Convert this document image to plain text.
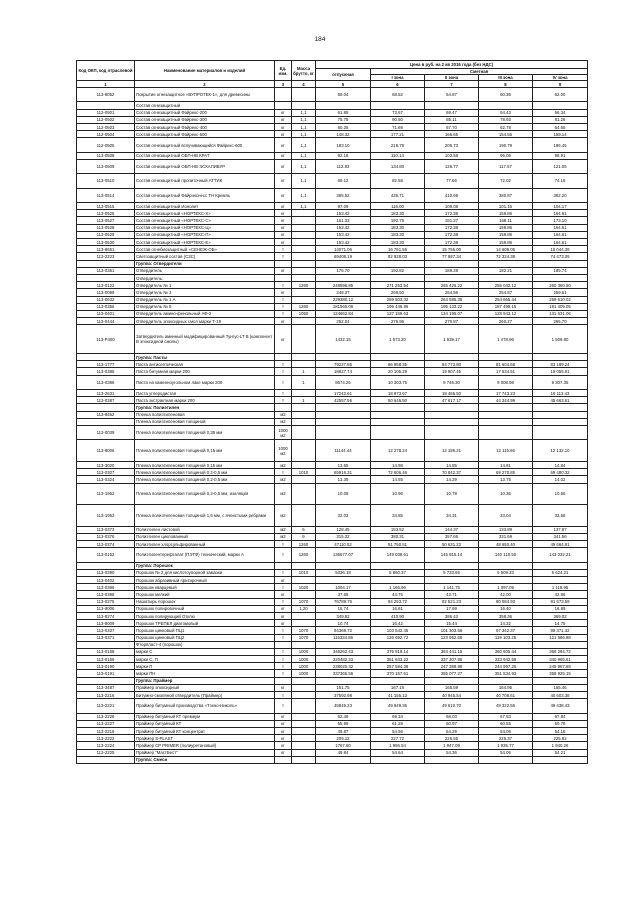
184
Код ОКП, код отраслевой	Наименование материалов и изделий	Ед. изм.	Масса брутто, кг	Цена в руб. на 2 кв 2016 года (без НДС)				
				отпускная	Сметная			
					I зона	II зона	III зона	IV зона
1	2	3	4	5	6	7	8	9
113-8052	Покрытие огнезащитное «ВУПРОТЕК-1», для древесины			59.04	68.52	64.87	60.36	62.00
	Состав огнезащитный							
112-0501	Состав огнезащитный Файрекс-200	кг	1,1	61.85	73.67	69.47	64.43	66.34
112-0502	Состав огнезащитный Файрекс-300	кг	1,1	75.75	90.50	85.11	78.93	81.26
112-0503	Состав огнезащитный Файрекс-400	кг	1,1	60.25	71.69	67.70	62.78	64.65
112-0504	Состав огнезащитный Файрекс-500	кг	1,1	148.32	177.21	166.65	154.55	159.14
112-0505	Состав огнезащитный вспучивающийся Файрекс-600	кг	1,1	183.10	218.78	205.73	190.79	196.45
113-0508	Состав огнезащитный ОБП-НВ КРАТ	кг	1,1	92.18	110.14	103.58	96.06	98.91
113-0509	Состав огнезащитный ОБП-НВ ЭСКАЛИБУР	кг	1,1	112.83	134.80	126.77	117.57	121.06
113-0510	Состав огнезащитный пропиточный АТТИК	кг	1,1	69.12	82.58	77.66	72.02	74.16
113-0514	Состав огнезащитный Файрэкснесс ТН Кремль	кг	1,1	365.52	436.71	410.69	380.87	392.20
113-0515	Состав огнезащитный Ионолит	кг	1,1	97.09	116.00	109.08	101.16	104.17
113-0526	Состав огнезащитный «НОРТЕКС-Х»	кг		153.42	183.30	172.38	159.86	164.61
113-0527	Состав огнезащитный «НОРТЕКС-С»	кг		161.33	192.75	181.27	168.11	173.10
113-0528	Состав огнезащитный «НОРТЕКС-Ц»	кг		153.42	183.30	172.38	159.86	164.61
113-0529	Состав огнезащитный «НОРТЕКС-П»	кг		153.42	183.30	172.38	159.86	164.61
113-0530	Состав огнезащитный «НОРТЕКС-Е»	кг		153.42	183.30	172.38	159.86	164.61
113-8651	Состав огнебиозащитный «СЕНЕЖ-ОБ»	т		14071.06	16 751.55	15 755.00	14 609.05	15 044.39
113-2223	Светозащитный состав (СЗС)	т		69408.19	82 928.03	77 987.34	72 324.38	74 473.09
	Группа: Отвердители							
113-0361	Отвердитель	кг		176.70	192.82	189.28	182.21	185.74
	Отвердитель:							
113-0122	Отвердитель № 1	т	1260	248596.85	271 253.54	265 426.22	255 042.12	260 360.50
113-0099	Отвердитель № 3	кг		248.37	269.50	264.56	254.87	259.61
113-0632	Отвердитель № 1 А	т		229380.12	269 503.32	264 585.35	254 665.44	259 610.02
113-0356	Отвердитель № 5	т	1260	181565.06	199 446.96	195 133.22	187 499.15	191 409.05
113-0401	Отвердитель амино-фенольный АФ-2	т	1050	124662.84	137 159.63	134 195.07	128 943.12	131 631.06
113-0444	Отвердитель эпоксидных смол марки Т-19	кг		252.04	276.96	270.87	260.27	265.70
113-P400	Затвердитель аминный модифицированный Тунгус-LT B (компонент В эпоксидной смолы)	кг		1432.15	1 573.20	1 539.17	1 478.96	1 509.80
	Группа: Пасты							
113-1777	Паста антисептическая	т		79227.85	86 958.35	84 773.80	81 604.68	83 189.24
113-0385	Паста битумная марки 200	т	1	18827.74	20 105.29	19 907.45	17 534.51	19 055.91
113-0386	Паста на каменноугольном лаке марки 200	т	1	8674.26	10 303.75	9 746.30	9 008.98	9 307.35
113-2631	Паста углеродистая	т		17242.61	18 873.67	18 465.50	17 743.23	18 113.43
113-0387	Паста экстрактная марки 200	т	1	42557.56	50 646.50	47 617.17	44 344.99	45 663.61
	Группа: Полиэтилен							
113-8462	Пленка полиэтиленовая	м2						
	Пленка полиэтиленовая толщиной	м2						
113-0039	Пленка полиэтиленовая толщиной 0,35 мм	1000 м2						
113-8006	Пленка полиэтиленовая толщиной 0,15 мм	1000 м2		11144.44	12 278.24	12 186.21	12 115.66	12 132.10
113-3020	Пленка полиэтиленовая толщиной 0,15 мм	м2		13.65	14.98	14.85	14.81	14.84
113-0307	Пленка полиэтиленовая толщиной 0,2-0,5 мм	т	1010	65916.31	72 606.46	70 842.37	69 270.85	69 480.32
113-0324	Пленка полиэтиленовая толщиной 0,2-0,5 мм	м2		13.39	14.55	14.29	13.75	14.02
113-1952	Пленка полиэтиленовая толщиной 0,2-0,5 мм, изоляция	м2		10.05	10.96	10.78	10.36	10.66
113-1953	Пленка полиэтиленовая толщиной 1,6 мм, с ячеистыми ребрами	м2		32.03	34.85	34.31	33.04	33.68
113-0373	Полиэтилен листовой	м2	6	128.45	153.52	144.37	133.89	137.87
113-0376	Полиэтилен циклованный	м2	9	315.32	380.31	357.66	331.69	341.56
113-0374	Полиэтилен хлорсульфированный	т	1260	47110.52	51 750.51	50 631.22	48 650.40	49 664.91
113-0152	Полиэтилентерефталат (ПЭТФ) технический, марки А	т	1260	135677.07	149 038.61	145 815.14	140 110.50	143 032.21
	Группа: Порошок							
113-0390	Порошок № 2 для кислотоупорной замазки	т	1010	5336.18	5 860.37	5 733.65	5 509.33	5 624.21
113-0402	Порошок абразивный притирочный	кг						
113-0396	Порошок кварцевый	т	1020	1004.17	1 166.96	1 141.75	1 097.09	1 119.95
113-0398	Порошок мелкий	кг		37.65	44.76	43.71	42.00	42.86
113-0275	Нашатырь порошок	т	1070	76789.75	84 253.72	82 521.23	80 084.93	81 673.59
113-8006	Порошок полировочный	кг	1,20	15.74	16.61	17.69	16.40	16.89
113-8274	Порошок полирующий Отклю	кг		349.92	410.90	386.43	358.36	369.02
113-8009	Порошок ТРЕПЕЛ диатомовый	кг		10.74	16.42	15.44	14.32	14.75
113-0337	Порошок цинковый ПЦ1	т	1070	94369.72	103 542.45	101 303.56	97 342.37	99 371.32
113-0371	Порошок цинковый ПЦ2	т	1070	115334.86	126 692.72	123 952.56	119 103.25	121 586.88
	Фторпласт-4 (порошок)							
113-0168	марки С	т	1000	346262.43	376 919.14	364 441.15	360 605.44	368 284.72
113-0169	марки С, П	т	1000	320482.33	351 633.22	337 307.96	333 942.59	340 965.61
113-0190	марки П	т	1000	238020.32	257 584.38	247 388.98	244 997.26	249 967.69
113-0191	марки ПН	т	1000	337365.56	370 157.51	355 077.27	351 534.93	358 925.15
	Группа: Праймер							
113-3487	Праймер эпоксидный	кг		151.75	167.19	165.59	164.95	165.46
113-2216	Битумно-смоляной отвердитель (Праймер)	т		37592.98	41 155.13	40 945.54	40 708.61	40 603.38
113-2221	Праймер битумный производства «Тэхно-Николь»	т		45845.23	49 849.36	49 610.70	49 322.56	49 438.43
113-2226	Праймер битумный КТ премиум	кг		62.48	69.34	68.03	67.53	67.84
113-2227	Праймер битумный КТ	кг		55.99	61.28	60.97	60.55	60.78
113-2219	Праймер битумный КТ концентрат	кг		49.87	54.56	54.29	54.06	54.16
113-2222	Праймер S-PLAST	кг		209.12	227.72	226.55	225.37	225.82
113-2224	Праймер CP PRIMER (полиуретановый)	кг		1767.60	1 956.54	1 947.09	1 935.77	1 940.26
113-2225	Праймер "МастБест"	кг		49.84	54.64	54.36	54.06	54.21
	Группа: Смеси							
